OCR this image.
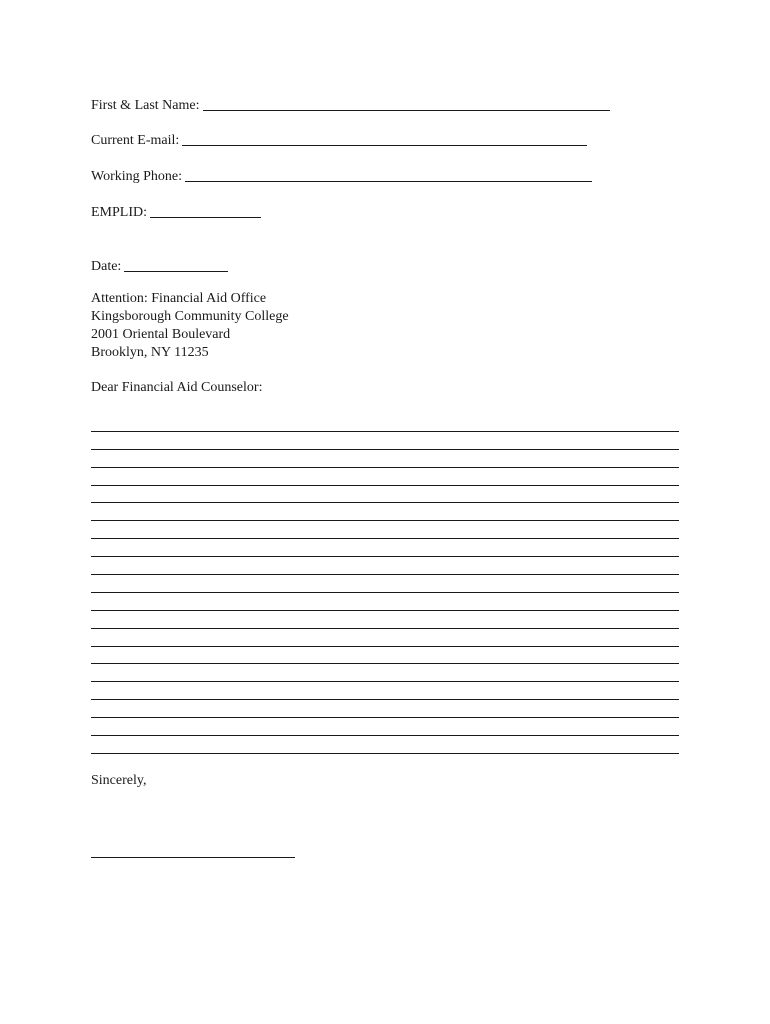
First & Last Name:
Current E-mail:
Working Phone:
EMPLID:
Date:
Attention: Financial Aid Office
Kingsborough Community College
2001 Oriental Boulevard
Brooklyn, NY 11235
Dear Financial Aid Counselor:
Sincerely,
